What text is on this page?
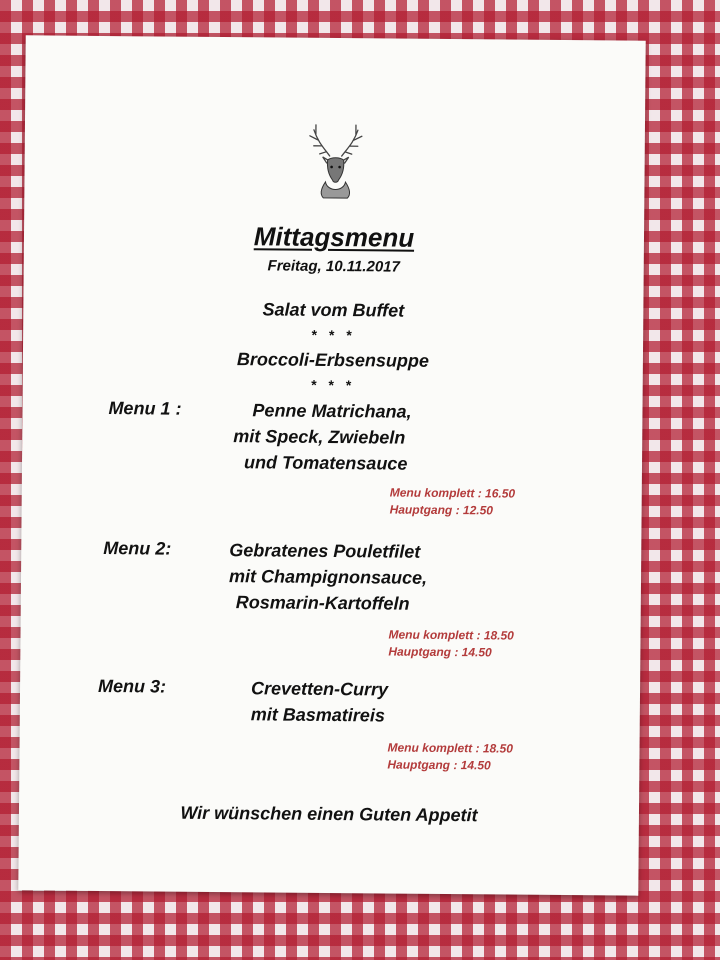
Mittagsmenu
Freitag, 10.11.2017
Salat vom Buffet
* * *
Broccoli-Erbsensuppe
* * *
Menu 1 :	Penne Matrichana,
mit Speck, Zwiebeln
und Tomatensauce
Menu komplett : 16.50
Hauptgang : 12.50
Menu 2:	Gebratenes Pouletfilet
mit Champignonsauce,
Rosmarin-Kartoffeln
Menu komplett : 18.50
Hauptgang : 14.50
Menu 3:	Crevetten-Curry
mit Basmatireis
Menu komplett : 18.50
Hauptgang : 14.50
Wir wünschen einen Guten Appetit
